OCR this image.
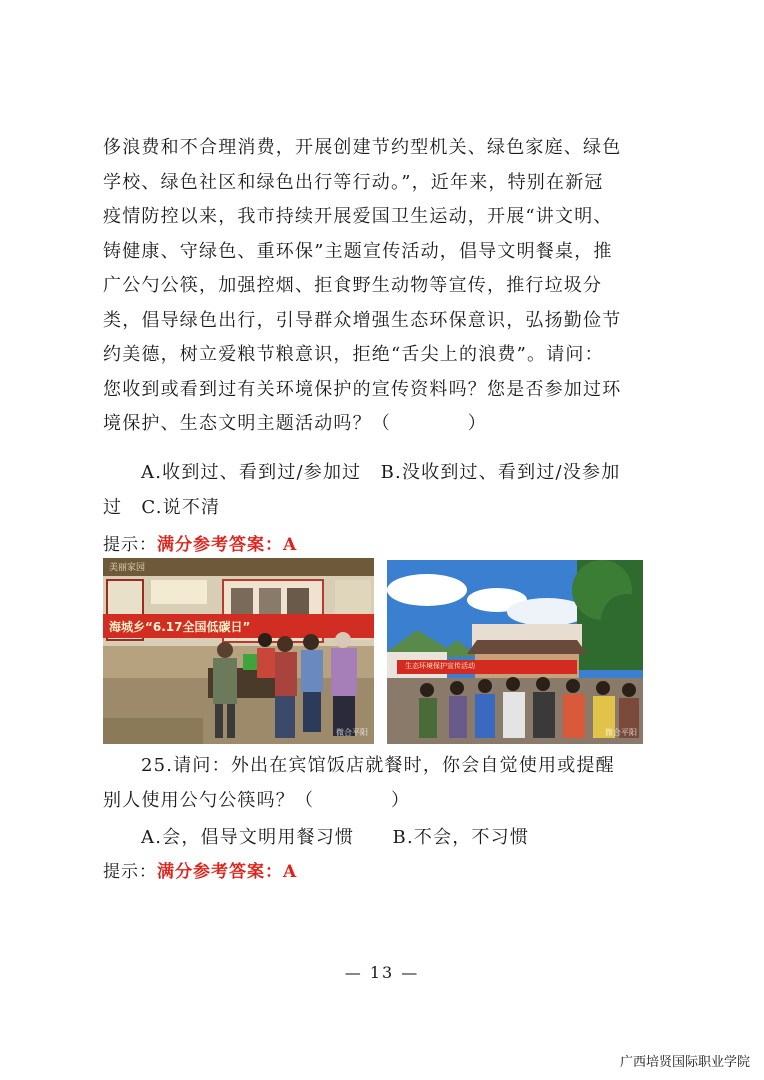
侈浪费和不合理消费，开展创建节约型机关、绿色家庭、绿色
学校、绿色社区和绿色出行等行动。”，近年来，特别在新冠
疫情防控以来，我市持续开展爱国卫生运动，开展“讲文明、
铸健康、守绿色、重环保”主题宣传活动，倡导文明餐桌，推
广公勺公筷，加强控烟、拒食野生动物等宣传，推行垃圾分
类，倡导绿色出行，引导群众增强生态环保意识，弘扬勤俭节
约美德，树立爱粮节粮意识，拒绝“舌尖上的浪费”。请问：
您收到或看到过有关环境保护的宣传资料吗？您是否参加过环
境保护、生态文明主题活动吗？（　　　　）

A.收到过、看到过/参加过　B.没收到过、看到过/没参加
过　C.说不清

提示：满分参考答案：A
海城乡“6.17全国低碳日”
美丽家园
微合平阳
生态环境保护宣传活动
微合平阳

25.请问：外出在宾馆饭店就餐时，你会自觉使用或提醒
别人使用公勺公筷吗？（　　　　）

A.会，倡导文明用餐习惯　　B.不会，不习惯

提示：满分参考答案：A
— 13 —
广西培贤国际职业学院
